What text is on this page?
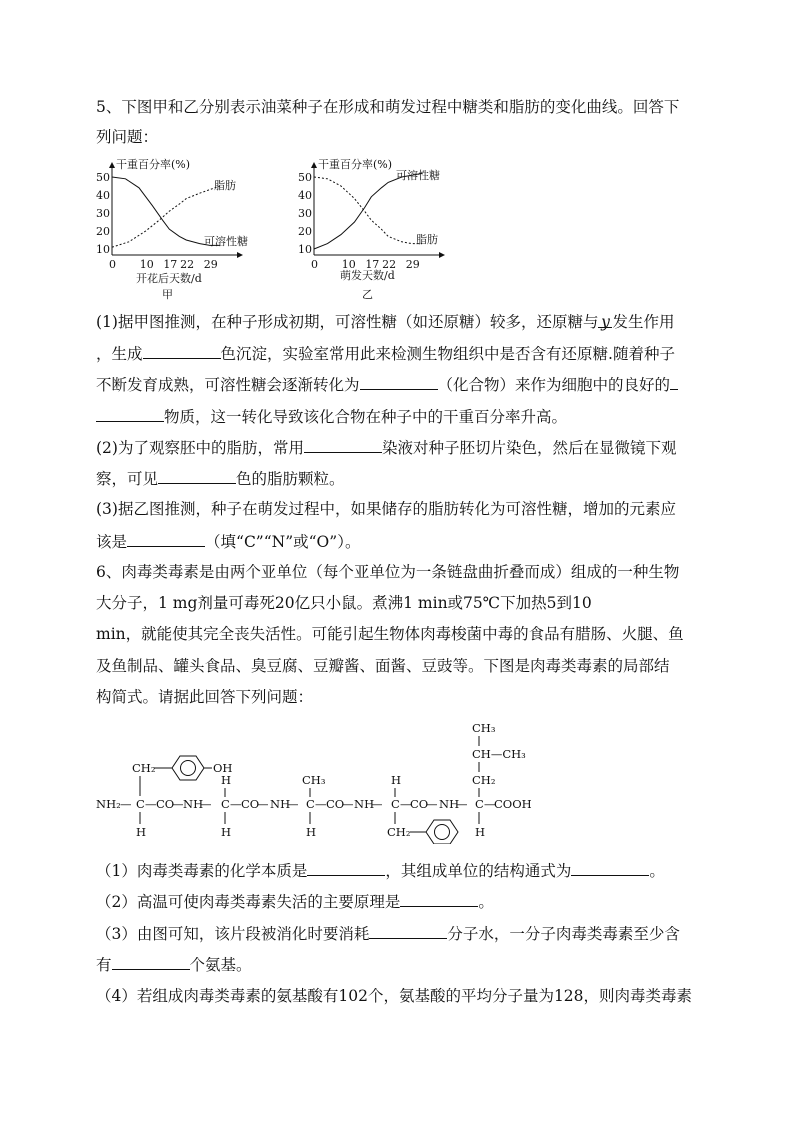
5、下图甲和乙分别表示油菜种子在形成和萌发过程中糖类和脂肪的变化曲线。回答下
列问题：
干重百分率(%)
10
20
30
40
50
0 10 17 22 29
脂肪
可溶性糖
开花后天数/d
甲
干重百分率(%)
10
20
30
40
50
0 10 17 22 29
可溶性糖
脂肪
萌发天数/d
乙
(1)据甲图推测，在种子形成初期，可溶性糖（如还原糖）较多，还原糖与 y 发生作用
，生成	色沉淀，实验室常用此来检测生物组织中是否含有还原糖.随着种子
不断发育成熟，可溶性糖会逐渐转化为	（化合物）来作为细胞中的良好的
物质，这一转化导致该化合物在种子中的干重百分率升高。
(2)为了观察胚中的脂肪，常用	染液对种子胚切片染色，然后在显微镜下观
察，可见	色的脂肪颗粒。
(3)据乙图推测，种子在萌发过程中，如果储存的脂肪转化为可溶性糖，增加的元素应
该是	（填“C”“N”或“O”）。
6、肉毒类毒素是由两个亚单位（每个亚单位为一条链盘曲折叠而成）组成的一种生物
大分子，1 mg剂量可毒死20亿只小鼠。煮沸1 min或75℃下加热5到10
min，就能使其完全丧失活性。可能引起生物体肉毒梭菌中毒的食品有腊肠、火腿、鱼
及鱼制品、罐头食品、臭豆腐、豆瓣酱、面酱、豆豉等。下图是肉毒类毒素的局部结
构简式。请据此回答下列问题：
NH₂ — C — CO
— NH
— C — CO
— NH
— C — CO
— NH
— C —
CO
— NH
— C —
COOH
CH₂	OH
H
H
H
CH₃
H
H
CH₂
CH₃
CH—CH₃
CH₂
H
（1）肉毒类毒素的化学本质是	，其组成单位的结构通式为	。
（2）高温可使肉毒类毒素失活的主要原理是	。
（3）由图可知，该片段被消化时要消耗	分子水，一分子肉毒类毒素至少含
有	个氨基。
（4）若组成肉毒类毒素的氨基酸有102个，氨基酸的平均分子量为128，则肉毒类毒素
